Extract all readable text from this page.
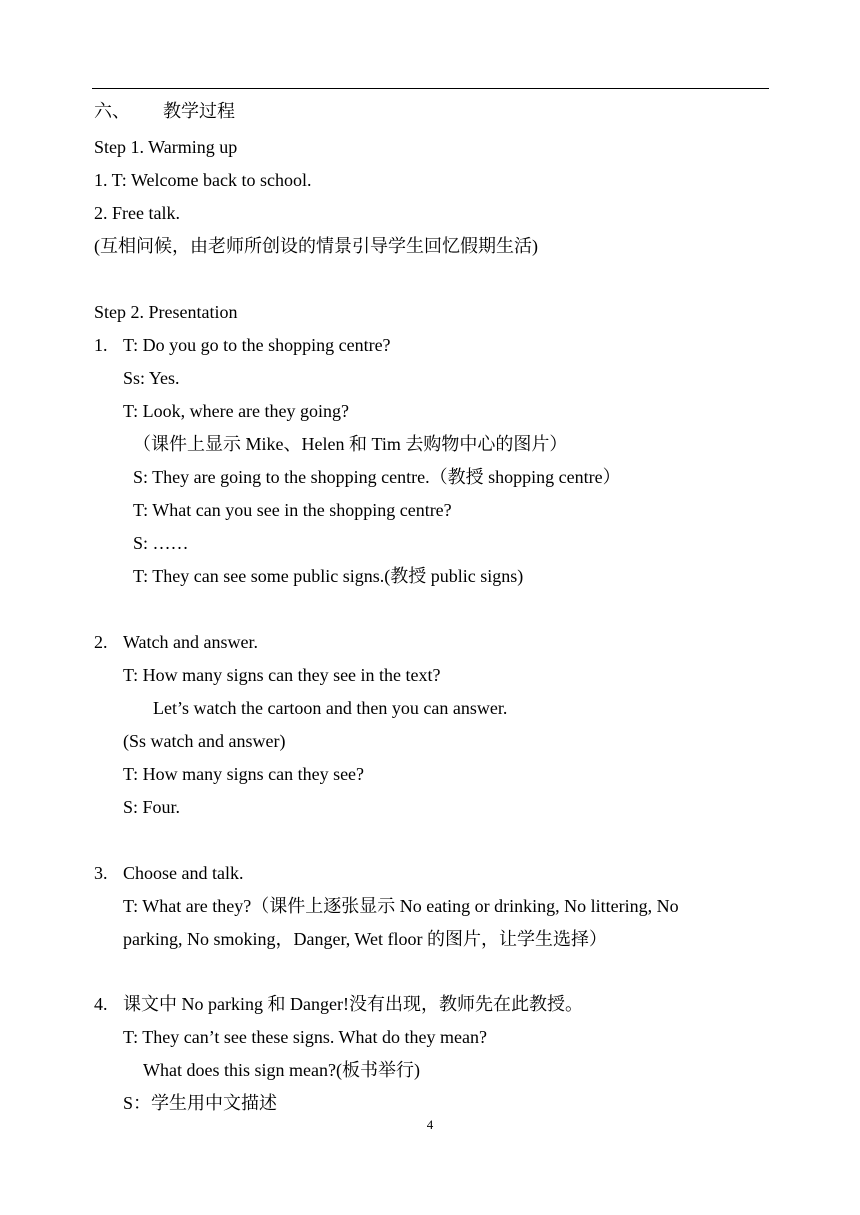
六、 教学过程
Step 1. Warming up
1. T: Welcome back to school.
2. Free talk.
(互相问候，由老师所创设的情景引导学生回忆假期生活)
Step 2. Presentation
1. T: Do you go to the shopping centre?
Ss: Yes.
T: Look, where are they going?
（课件上显示 Mike、Helen 和 Tim 去购物中心的图片）
S: They are going to the shopping centre.（教授 shopping centre）
T: What can you see in the shopping centre?
S: ……
T: They can see some public signs.(教授 public signs)
2. Watch and answer.
T: How many signs can they see in the text?
Let’s watch the cartoon and then you can answer.
(Ss watch and answer)
T: How many signs can they see?
S: Four.
3. Choose and talk.
T: What are they?（课件上逐张显示 No eating or drinking, No littering, No
parking, No smoking，Danger, Wet floor 的图片，让学生选择）
4. 课文中 No parking 和 Danger!没有出现，教师先在此教授。
T: They can’t see these signs. What do they mean?
What does this sign mean?(板书举行)
S：学生用中文描述
4
